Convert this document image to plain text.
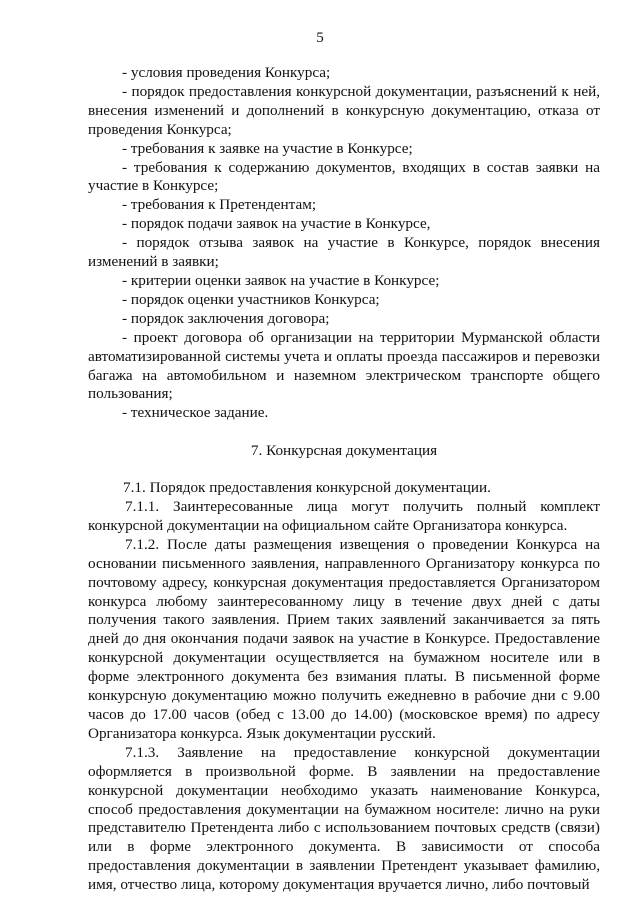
5

- условия проведения Конкурса;

- порядок предоставления конкурсной документации, разъяснений к ней, внесения изменений и дополнений в конкурсную документацию, отказа от проведения Конкурса;

- требования к заявке на участие в Конкурсе;

- требования к содержанию документов, входящих в состав заявки на участие в Конкурсе;

- требования к Претендентам;

- порядок подачи заявок на участие в Конкурсе,

- порядок отзыва заявок на участие в Конкурсе, порядок внесения изменений в заявки;

- критерии оценки заявок на участие в Конкурсе;

- порядок оценки участников Конкурса;

- порядок заключения договора;

- проект договора об организации на территории Мурманской области автоматизированной системы учета и оплаты проезда пассажиров и перевозки багажа на автомобильном и наземном электрическом транспорте общего пользования;

- техническое задание.

7. Конкурсная документация

7.1. Порядок предоставления конкурсной документации.

7.1.1. Заинтересованные лица могут получить полный комплект конкурсной документации на официальном сайте Организатора конкурса.

7.1.2. После даты размещения извещения о проведении Конкурса на основании письменного заявления, направленного Организатору конкурса по почтовому адресу, конкурсная документация предоставляется Организатором конкурса любому заинтересованному лицу в течение двух дней с даты получения такого заявления. Прием таких заявлений заканчивается за пять дней до дня окончания подачи заявок на участие в Конкурсе. Предоставление конкурсной документации осуществляется на бумажном носителе или в форме электронного документа без взимания платы. В письменной форме конкурсную документацию можно получить ежедневно в рабочие дни с 9.00 часов до 17.00 часов (обед с 13.00 до 14.00) (московское время) по адресу Организатора конкурса. Язык документации русский.

7.1.3. Заявление на предоставление конкурсной документации оформляется в произвольной форме. В заявлении на предоставление конкурсной документации необходимо указать наименование Конкурса, способ предоставления документации на бумажном носителе: лично на руки представителю Претендента либо с использованием почтовых средств (связи) или в форме электронного документа. В зависимости от способа предоставления документации в заявлении Претендент указывает фамилию, имя, отчество лица, которому документация вручается лично, либо почтовый
